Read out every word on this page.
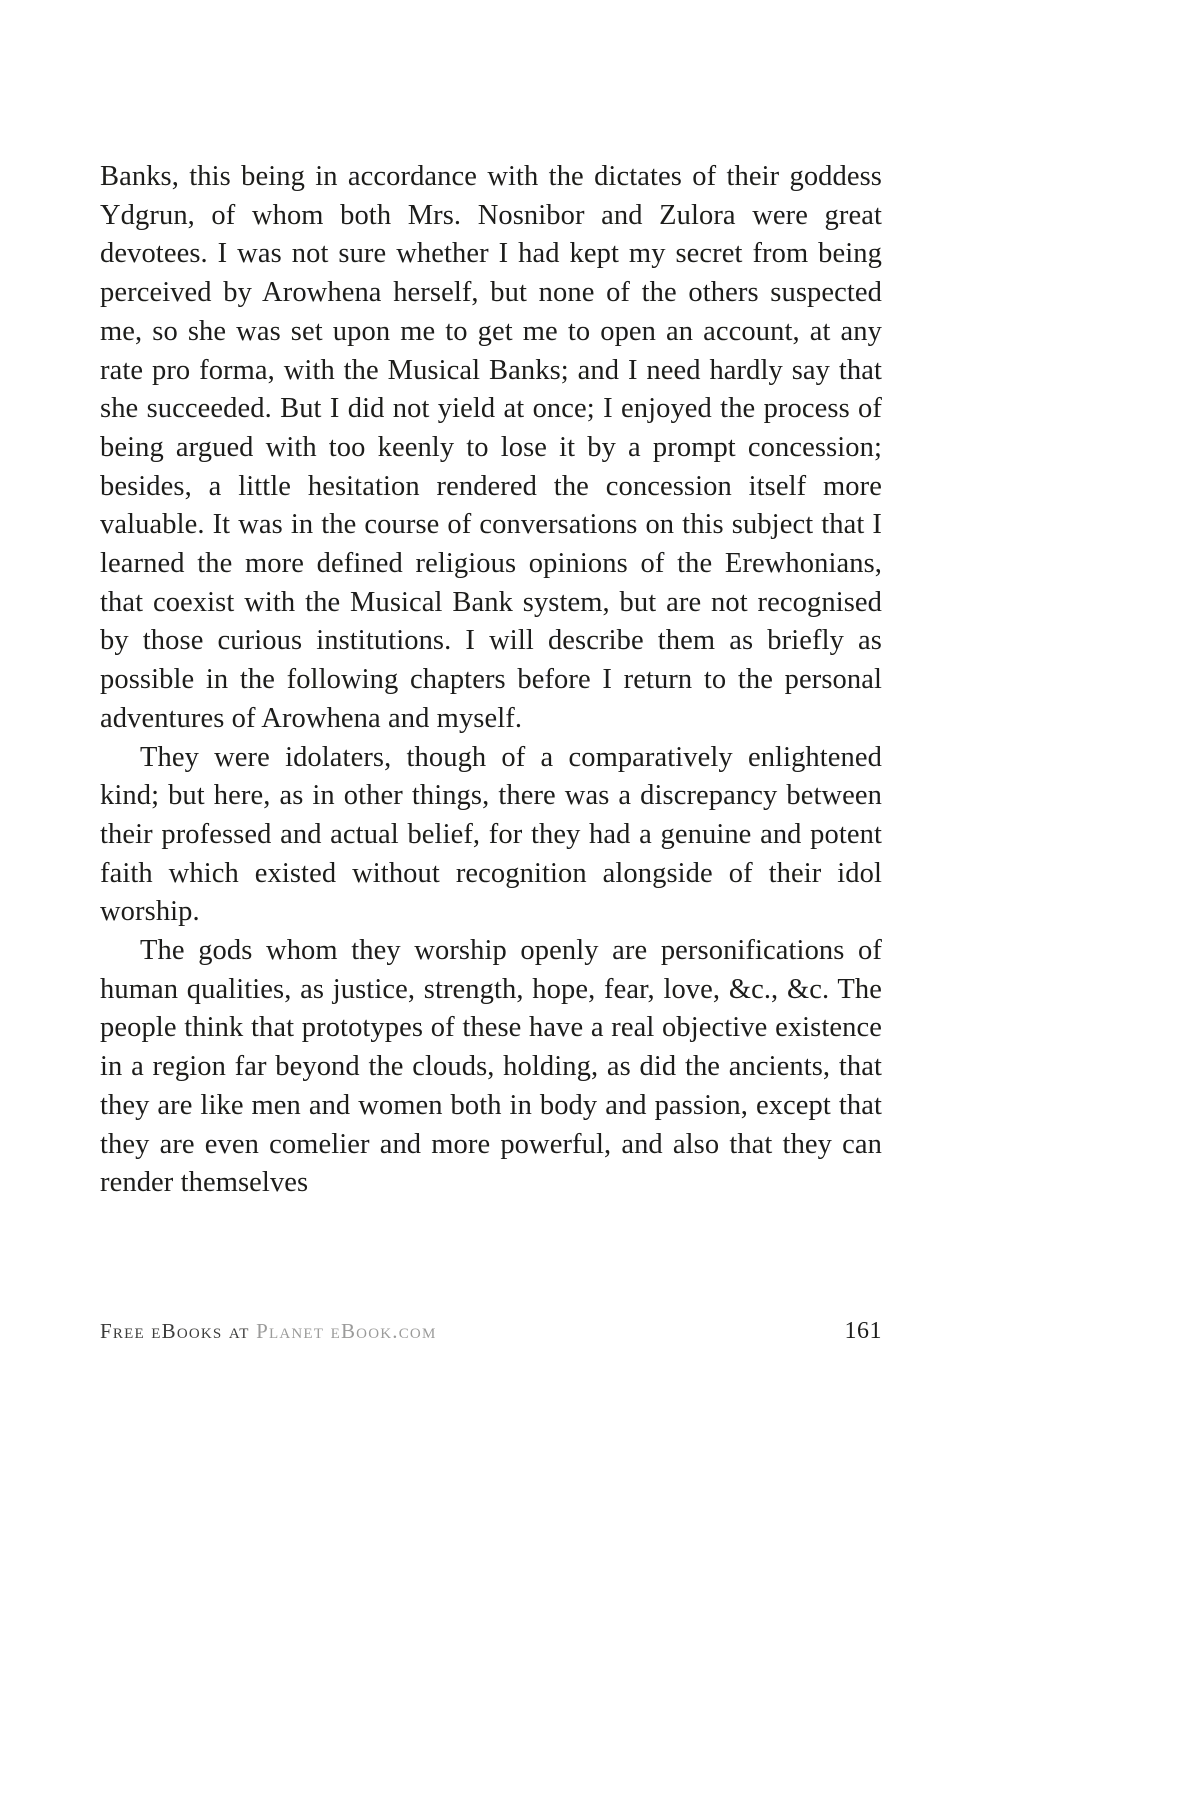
Banks, this being in accordance with the dictates of their goddess Ydgrun, of whom both Mrs. Nosnibor and Zulora were great devotees. I was not sure whether I had kept my secret from being perceived by Arowhena herself, but none of the others suspected me, so she was set upon me to get me to open an account, at any rate pro forma, with the Musical Banks; and I need hardly say that she succeeded. But I did not yield at once; I enjoyed the process of being argued with too keenly to lose it by a prompt concession; besides, a little hesitation rendered the concession itself more valuable. It was in the course of conversations on this subject that I learned the more defined religious opinions of the Erewhonians, that coexist with the Musical Bank system, but are not recognised by those curious institutions. I will describe them as briefly as possible in the following chapters before I return to the personal adventures of Arowhena and myself.

They were idolaters, though of a comparatively enlightened kind; but here, as in other things, there was a discrepancy between their professed and actual belief, for they had a genuine and potent faith which existed without recognition alongside of their idol worship.

The gods whom they worship openly are personifications of human qualities, as justice, strength, hope, fear, love, &c., &c. The people think that prototypes of these have a real objective existence in a region far beyond the clouds, holding, as did the ancients, that they are like men and women both in body and passion, except that they are even comelier and more powerful, and also that they can render themselves

Free eBooks at Planet eBook.com	161
